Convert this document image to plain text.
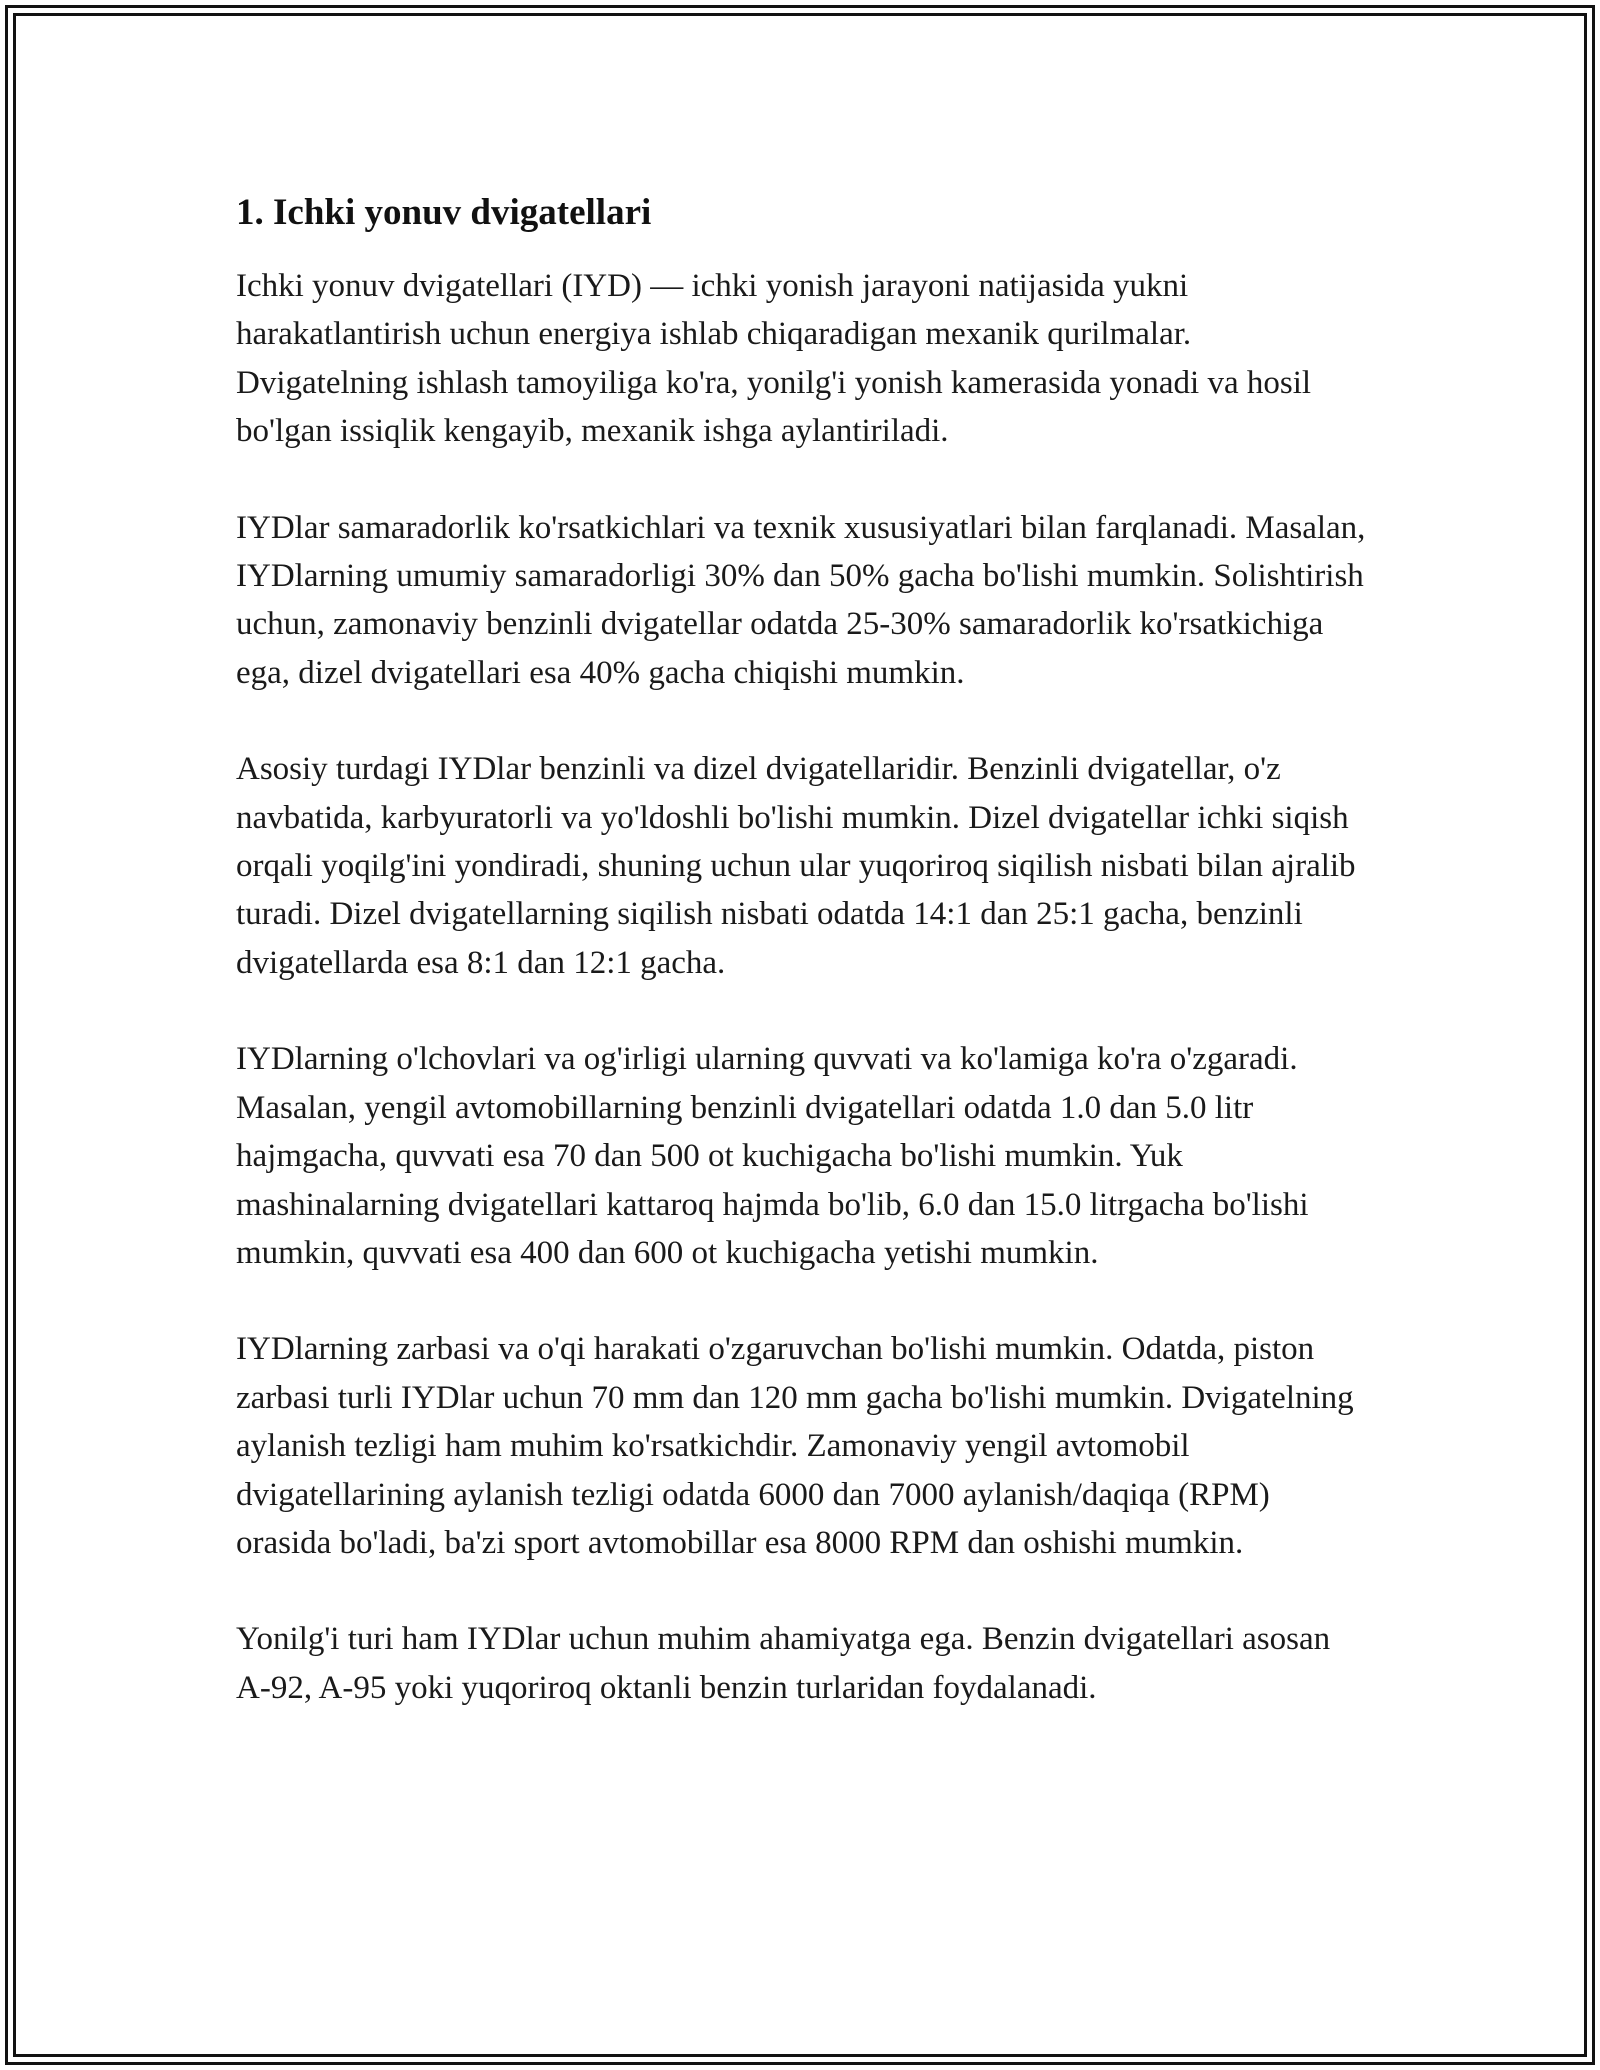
1. Ichki yonuv dvigatellari

Ichki yonuv dvigatellari (IYD) — ichki yonish jarayoni natijasida yukni harakatlantirish uchun energiya ishlab chiqaradigan mexanik qurilmalar. Dvigatelning ishlash tamoyiliga ko'ra, yonilg'i yonish kamerasida yonadi va hosil bo'lgan issiqlik kengayib, mexanik ishga aylantiriladi.

IYDlar samaradorlik ko'rsatkichlari va texnik xususiyatlari bilan farqlanadi. Masalan, IYDlarning umumiy samaradorligi 30% dan 50% gacha bo'lishi mumkin. Solishtirish uchun, zamonaviy benzinli dvigatellar odatda 25-30% samaradorlik ko'rsatkichiga ega, dizel dvigatellari esa 40% gacha chiqishi mumkin.

Asosiy turdagi IYDlar benzinli va dizel dvigatellaridir. Benzinli dvigatellar, o'z navbatida, karbyuratorli va yo'ldoshli bo'lishi mumkin. Dizel dvigatellar ichki siqish orqali yoqilg'ini yondiradi, shuning uchun ular yuqoriroq siqilish nisbati bilan ajralib turadi. Dizel dvigatellarning siqilish nisbati odatda 14:1 dan 25:1 gacha, benzinli dvigatellarda esa 8:1 dan 12:1 gacha.

IYDlarning o'lchovlari va og'irligi ularning quvvati va ko'lamiga ko'ra o'zgaradi. Masalan, yengil avtomobillarning benzinli dvigatellari odatda 1.0 dan 5.0 litr hajmgacha, quvvati esa 70 dan 500 ot kuchigacha bo'lishi mumkin. Yuk mashinalarning dvigatellari kattaroq hajmda bo'lib, 6.0 dan 15.0 litrgacha bo'lishi mumkin, quvvati esa 400 dan 600 ot kuchigacha yetishi mumkin.

IYDlarning zarbasi va o'qi harakati o'zgaruvchan bo'lishi mumkin. Odatda, piston zarbasi turli IYDlar uchun 70 mm dan 120 mm gacha bo'lishi mumkin. Dvigatelning aylanish tezligi ham muhim ko'rsatkichdir. Zamonaviy yengil avtomobil dvigatellarining aylanish tezligi odatda 6000 dan 7000 aylanish/daqiqa (RPM) orasida bo'ladi, ba'zi sport avtomobillar esa 8000 RPM dan oshishi mumkin.

Yonilg'i turi ham IYDlar uchun muhim ahamiyatga ega. Benzin dvigatellari asosan A-92, A-95 yoki yuqoriroq oktanli benzin turlaridan foydalanadi.
